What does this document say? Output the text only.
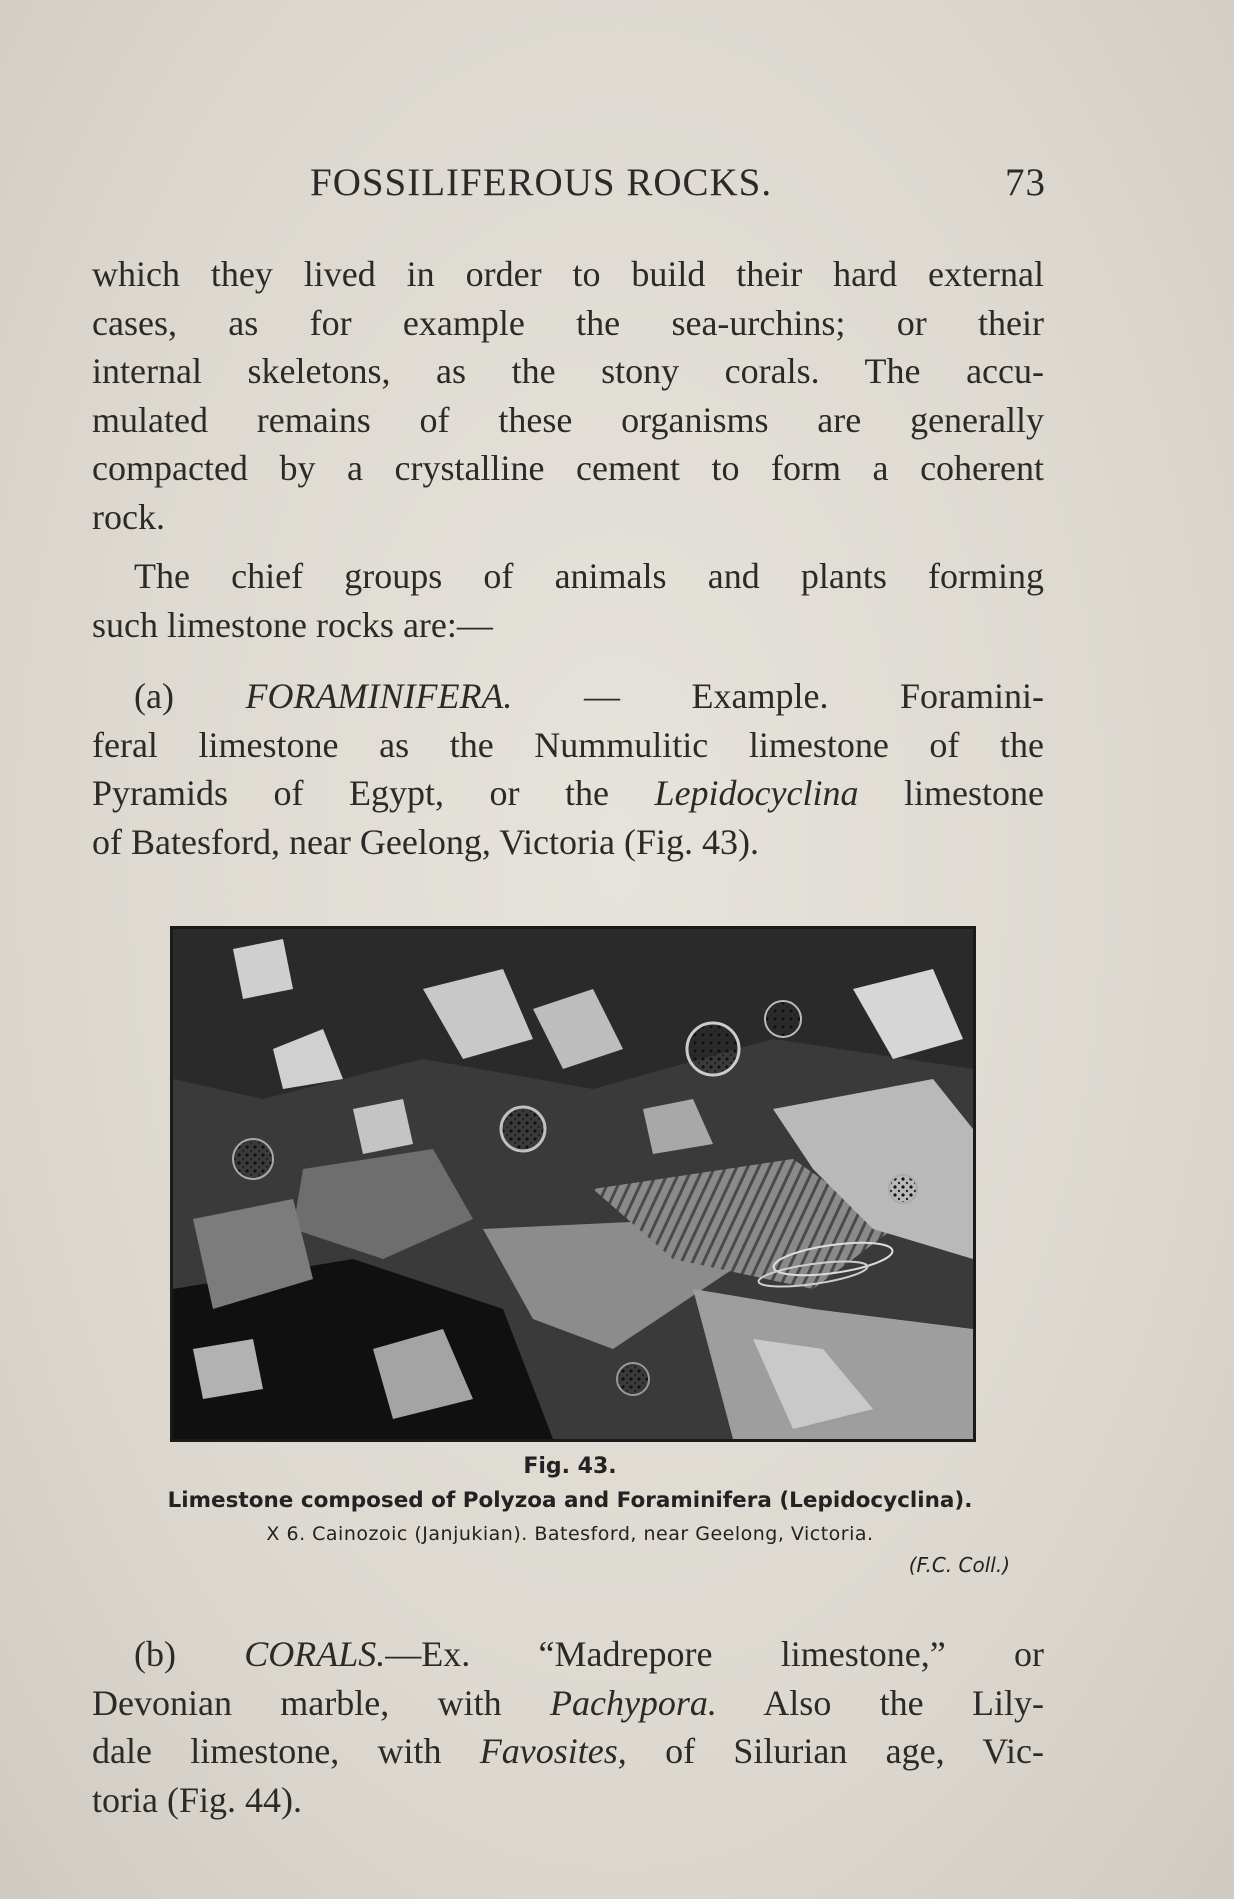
FOSSILIFEROUS ROCKS.	73
which they lived in order to build their hard external
cases, as for example the sea-urchins; or their
internal skeletons, as the stony corals. The accu-
mulated remains of these organisms are generally
compacted by a crystalline cement to form a coherent
rock.
The chief groups of animals and plants forming
such limestone rocks are:—
(a) FORAMINIFERA. — Example. Foramini-
feral limestone as the Nummulitic limestone of the
Pyramids of Egypt, or the Lepidocyclina limestone
of Batesford, near Geelong, Victoria (Fig. 43).
Fig. 43.
Limestone composed of Polyzoa and Foraminifera (Lepidocyclina).
X 6. Cainozoic (Janjukian). Batesford, near Geelong, Victoria.
(F.C. Coll.)
(b) CORALS.—Ex. “Madrepore limestone,” or
Devonian marble, with Pachypora. Also the Lily-
dale limestone, with Favosites, of Silurian age, Vic-
toria (Fig. 44).
